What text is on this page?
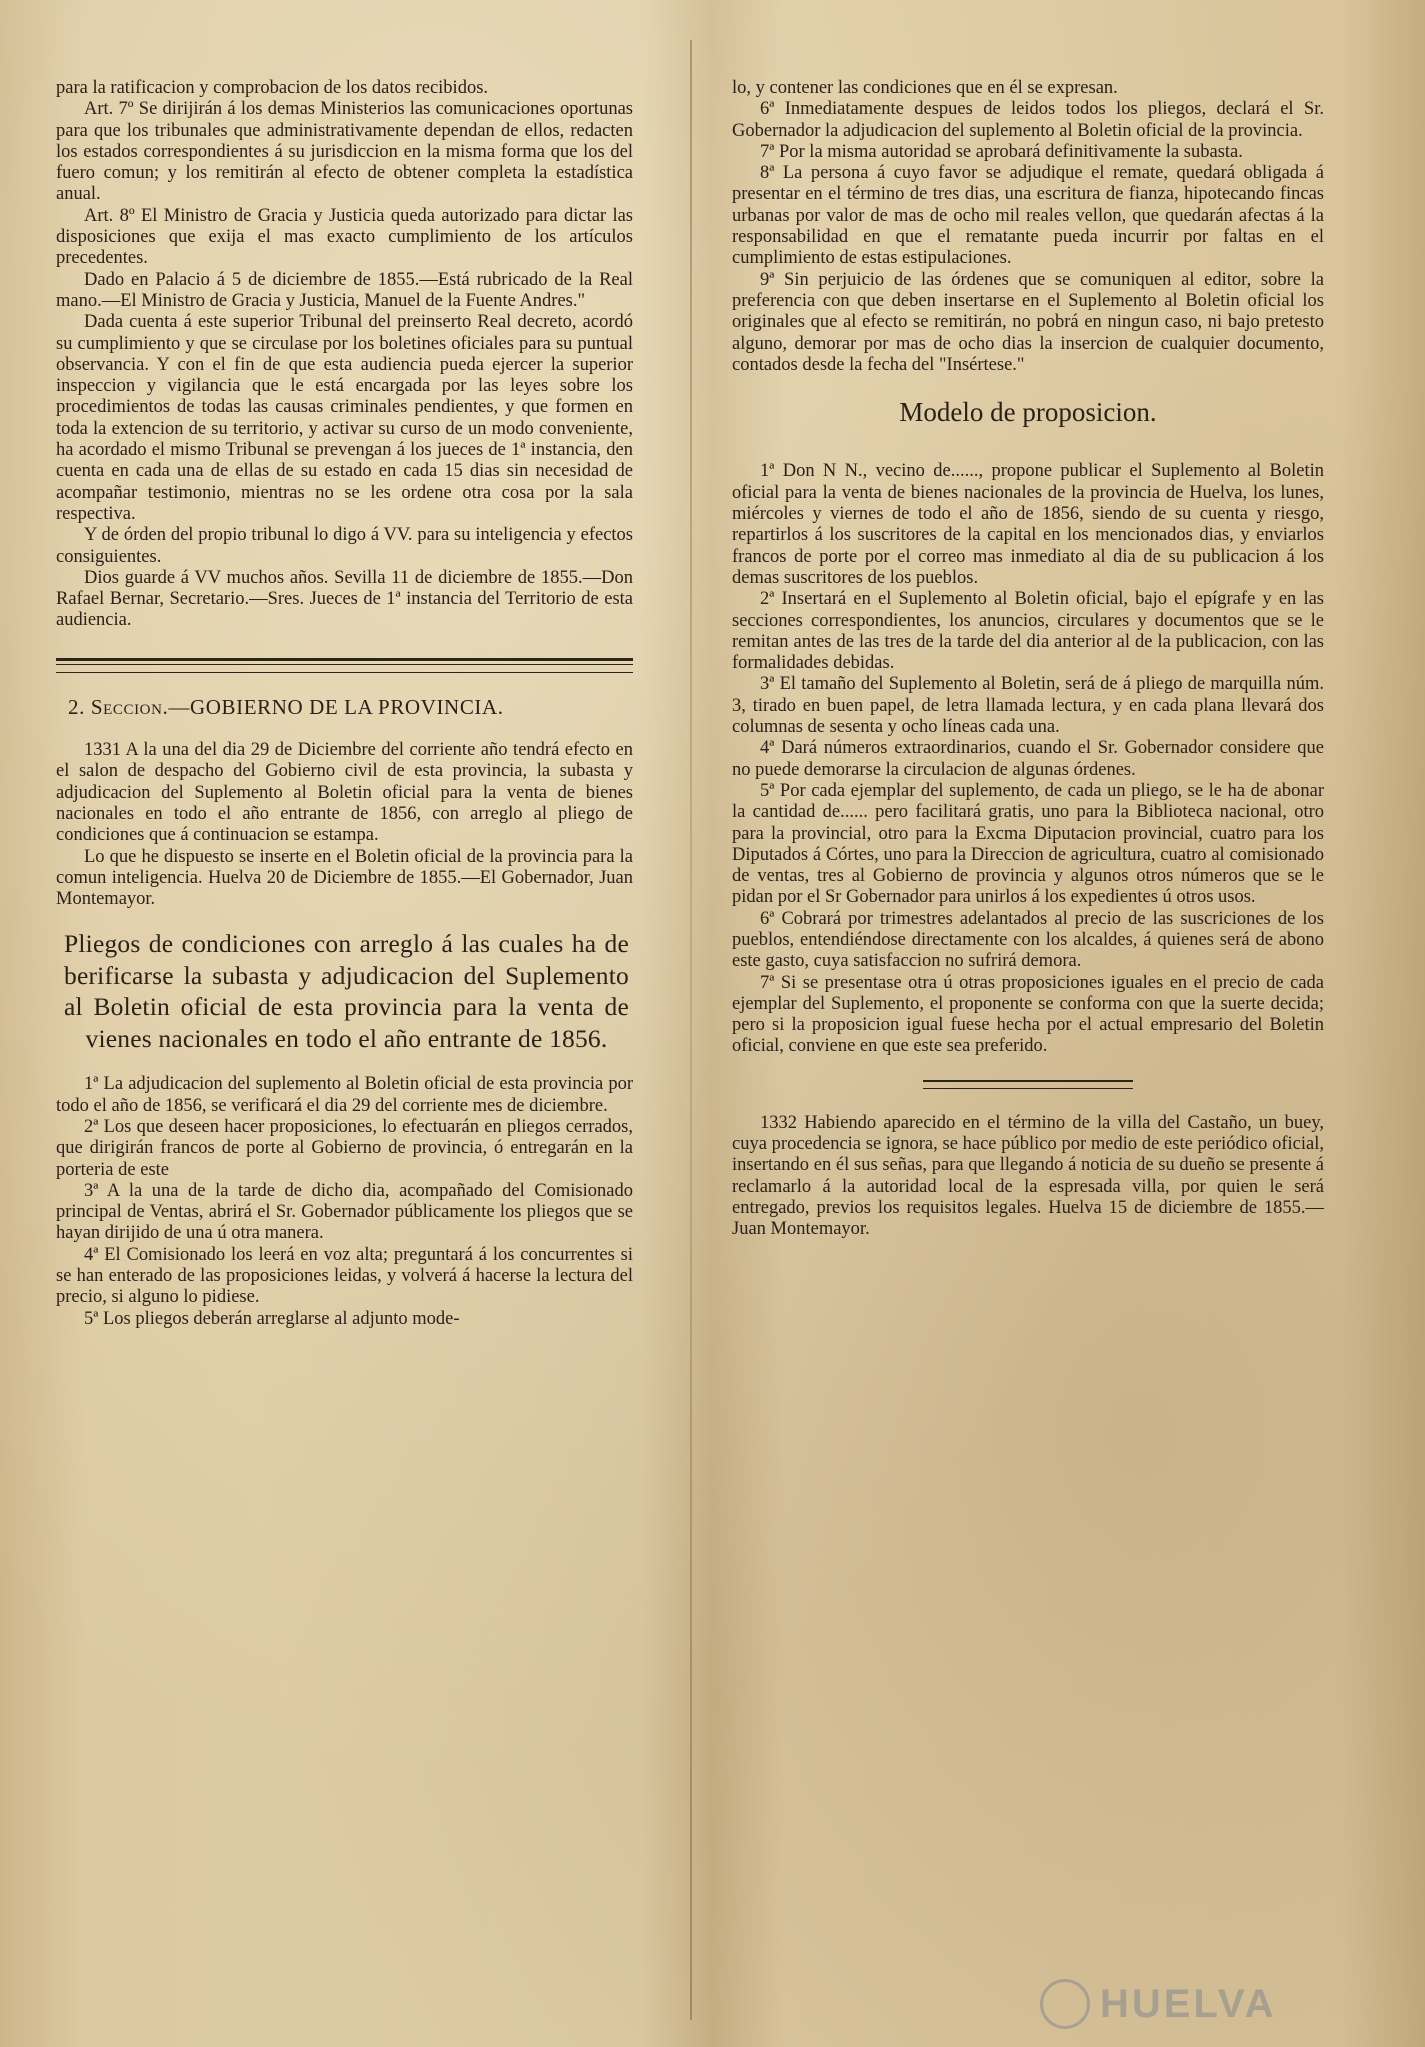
para la ratificacion y comprobacion de los datos recibidos.

Art. 7º Se dirijirán á los demas Ministerios las comunicaciones oportunas para que los tribunales que administrativamente dependan de ellos, redacten los estados correspondientes á su jurisdiccion en la misma forma que los del fuero comun; y los remitirán al efecto de obtener completa la estadística anual.

Art. 8º El Ministro de Gracia y Justicia queda autorizado para dictar las disposiciones que exija el mas exacto cumplimiento de los artículos precedentes.

Dado en Palacio á 5 de diciembre de 1855.—Está rubricado de la Real mano.—El Ministro de Gracia y Justicia, Manuel de la Fuente Andres."

Dada cuenta á este superior Tribunal del preinserto Real decreto, acordó su cumplimiento y que se circulase por los boletines oficiales para su puntual observancia. Y con el fin de que esta audiencia pueda ejercer la superior inspeccion y vigilancia que le está encargada por las leyes sobre los procedimientos de todas las causas criminales pendientes, y que formen en toda la extencion de su territorio, y activar su curso de un modo conveniente, ha acordado el mismo Tribunal se prevengan á los jueces de 1ª instancia, den cuenta en cada una de ellas de su estado en cada 15 dias sin necesidad de acompañar testimonio, mientras no se les ordene otra cosa por la sala respectiva.

Y de órden del propio tribunal lo digo á VV. para su inteligencia y efectos consiguientes.

Dios guarde á VV muchos años. Sevilla 11 de diciembre de 1855.—Don Rafael Bernar, Secretario.—Sres. Jueces de 1ª instancia del Territorio de esta audiencia.

2. Seccion.—GOBIERNO DE LA PROVINCIA.

1331 A la una del dia 29 de Diciembre del corriente año tendrá efecto en el salon de despacho del Gobierno civil de esta provincia, la subasta y adjudicacion del Suplemento al Boletin oficial para la venta de bienes nacionales en todo el año entrante de 1856, con arreglo al pliego de condiciones que á continuacion se estampa.

Lo que he dispuesto se inserte en el Boletin oficial de la provincia para la comun inteligencia. Huelva 20 de Diciembre de 1855.—El Gobernador, Juan Montemayor.

Pliegos de condiciones con arreglo á las cuales ha de berificarse la subasta y adjudicacion del Suplemento al Boletin oficial de esta provincia para la venta de vienes nacionales en todo el año entrante de 1856.

1ª La adjudicacion del suplemento al Boletin oficial de esta provincia por todo el año de 1856, se verificará el dia 29 del corriente mes de diciembre.

2ª Los que deseen hacer proposiciones, lo efectuarán en pliegos cerrados, que dirigirán francos de porte al Gobierno de provincia, ó entregarán en la porteria de este

3ª A la una de la tarde de dicho dia, acompañado del Comisionado principal de Ventas, abrirá el Sr. Gobernador públicamente los pliegos que se hayan dirijido de una ú otra manera.

4ª El Comisionado los leerá en voz alta; preguntará á los concurrentes si se han enterado de las proposiciones leidas, y volverá á hacerse la lectura del precio, si alguno lo pidiese.

5ª Los pliegos deberán arreglarse al adjunto mode-

lo, y contener las condiciones que en él se expresan.

6ª Inmediatamente despues de leidos todos los pliegos, declará el Sr. Gobernador la adjudicacion del suplemento al Boletin oficial de la provincia.

7ª Por la misma autoridad se aprobará definitivamente la subasta.

8ª La persona á cuyo favor se adjudique el remate, quedará obligada á presentar en el término de tres dias, una escritura de fianza, hipotecando fincas urbanas por valor de mas de ocho mil reales vellon, que quedarán afectas á la responsabilidad en que el rematante pueda incurrir por faltas en el cumplimiento de estas estipulaciones.

9ª Sin perjuicio de las órdenes que se comuniquen al editor, sobre la preferencia con que deben insertarse en el Suplemento al Boletin oficial los originales que al efecto se remitirán, no pobrá en ningun caso, ni bajo pretesto alguno, demorar por mas de ocho dias la insercion de cualquier documento, contados desde la fecha del "Insértese."

Modelo de proposicion.

1ª Don N N., vecino de......, propone publicar el Suplemento al Boletin oficial para la venta de bienes nacionales de la provincia de Huelva, los lunes, miércoles y viernes de todo el año de 1856, siendo de su cuenta y riesgo, repartirlos á los suscritores de la capital en los mencionados dias, y enviarlos francos de porte por el correo mas inmediato al dia de su publicacion á los demas suscritores de los pueblos.

2ª Insertará en el Suplemento al Boletin oficial, bajo el epígrafe y en las secciones correspondientes, los anuncios, circulares y documentos que se le remitan antes de las tres de la tarde del dia anterior al de la publicacion, con las formalidades debidas.

3ª El tamaño del Suplemento al Boletin, será de á pliego de marquilla núm. 3, tirado en buen papel, de letra llamada lectura, y en cada plana llevará dos columnas de sesenta y ocho líneas cada una.

4ª Dará números extraordinarios, cuando el Sr. Gobernador considere que no puede demorarse la circulacion de algunas órdenes.

5ª Por cada ejemplar del suplemento, de cada un pliego, se le ha de abonar la cantidad de...... pero facilitará gratis, uno para la Biblioteca nacional, otro para la provincial, otro para la Excma Diputacion provincial, cuatro para los Diputados á Córtes, uno para la Direccion de agricultura, cuatro al comisionado de ventas, tres al Gobierno de provincia y algunos otros números que se le pidan por el Sr Gobernador para unirlos á los expedientes ú otros usos.

6ª Cobrará por trimestres adelantados al precio de las suscriciones de los pueblos, entendiéndose directamente con los alcaldes, á quienes será de abono este gasto, cuya satisfaccion no sufrirá demora.

7ª Si se presentase otra ú otras proposiciones iguales en el precio de cada ejemplar del Suplemento, el proponente se conforma con que la suerte decida; pero si la proposicion igual fuese hecha por el actual empresario del Boletin oficial, conviene en que este sea preferido.

1332 Habiendo aparecido en el término de la villa del Castaño, un buey, cuya procedencia se ignora, se hace público por medio de este periódico oficial, insertando en él sus señas, para que llegando á noticia de su dueño se presente á reclamarlo á la autoridad local de la espresada villa, por quien le será entregado, previos los requisitos legales. Huelva 15 de diciembre de 1855.—Juan Montemayor.

HUELVA
